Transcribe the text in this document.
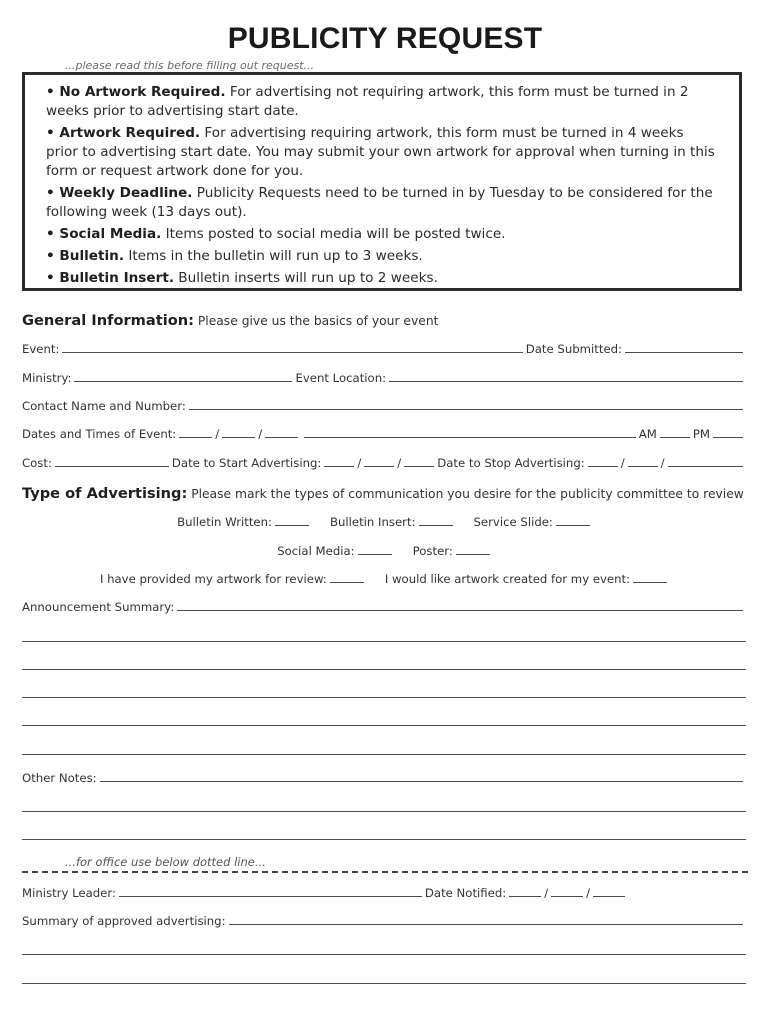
PUBLICITY REQUEST
...please read this before filling out request...

• No Artwork Required. For advertising not requiring artwork, this form must be turned in 2 weeks prior to advertising start date.

• Artwork Required. For advertising requiring artwork, this form must be turned in 4 weeks prior to advertising start date. You may submit your own artwork for approval when turning in this form or request artwork done for you.

• Weekly Deadline. Publicity Requests need to be turned in by Tuesday to be considered for the following week (13 days out).

• Social Media. Items posted to social media will be posted twice.

• Bulletin. Items in the bulletin will run up to 3 weeks.

• Bulletin Insert. Bulletin inserts will run up to 2 weeks.

General Information: Please give us the basics of your event
Event:	Date Submitted:
Ministry:	Event Location:
Contact Name and Number:
Dates and Times of Event:	/	/	AM	PM
Cost:	Date to Start Advertising:	/	/	Date to Stop Advertising:	/	/
Type of Advertising: Please mark the types of communication you desire for the publicity committee to review
Bulletin Written:	Bulletin Insert:	Service Slide:
Social Media:	Poster:
I have provided my artwork for review:	I would like artwork created for my event:
Announcement Summary:
Other Notes:
...for office use below dotted line...
Ministry Leader:	Date Notified:	/	/
Summary of approved advertising:
